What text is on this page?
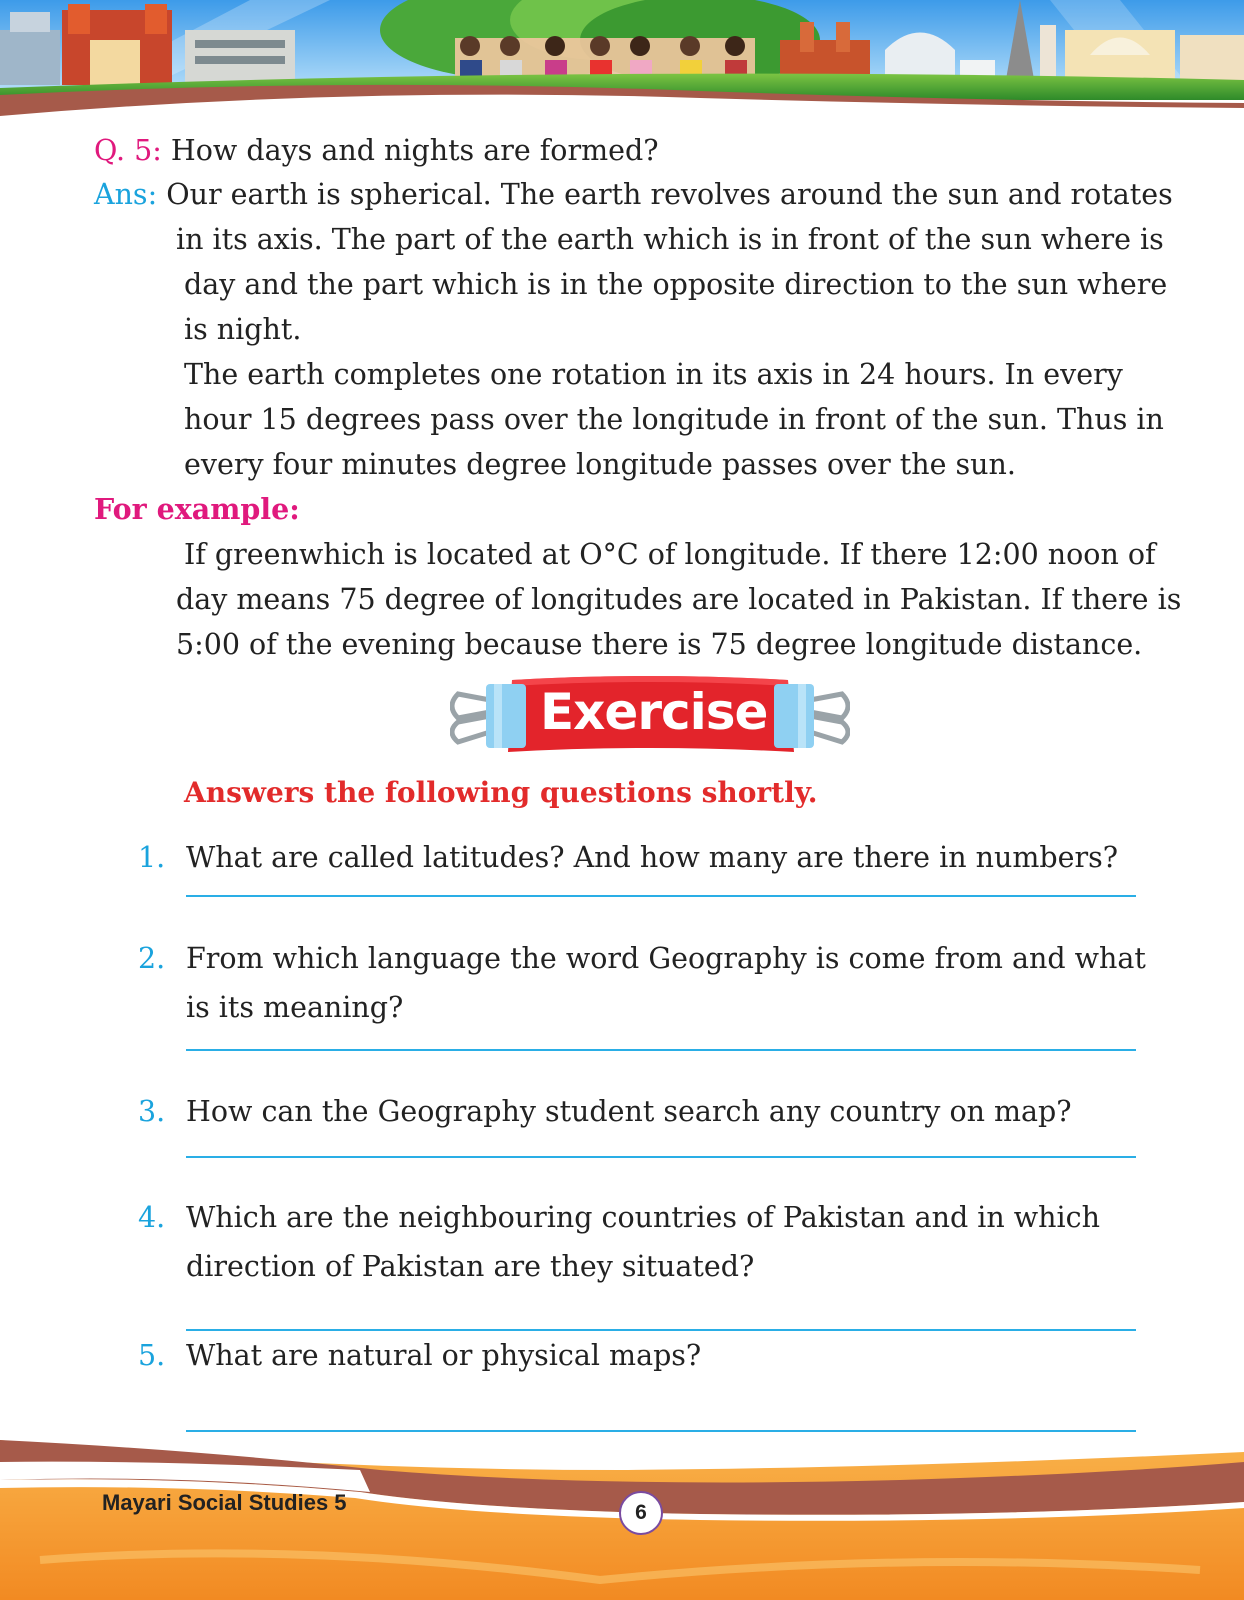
Q. 5: How days and nights are formed?
Ans: Our earth is spherical. The earth revolves around the sun and rotates
in its axis. The part of the earth which is in front of the sun where is
day and the part which is in the opposite direction to the sun where
is night.
The earth completes one rotation in its axis in 24 hours. In every
hour 15 degrees pass over the longitude in front of the sun. Thus in
every four minutes degree longitude passes over the sun.
For example:
If greenwhich is located at O°C of longitude. If there 12:00 noon of
day means 75 degree of longitudes are located in Pakistan. If there is
5:00 of the evening because there is 75 degree longitude distance.
Exercise
Answers the following questions shortly.
1. What are called latitudes? And how many are there in numbers?
2. From which language the word Geography is come from and what
is its meaning?
3. How can the Geography student search any country on map?
4. Which are the neighbouring countries of Pakistan and in which
direction of Pakistan are they situated?
5. What are natural or physical maps?
Mayari Social Studies 5	6
